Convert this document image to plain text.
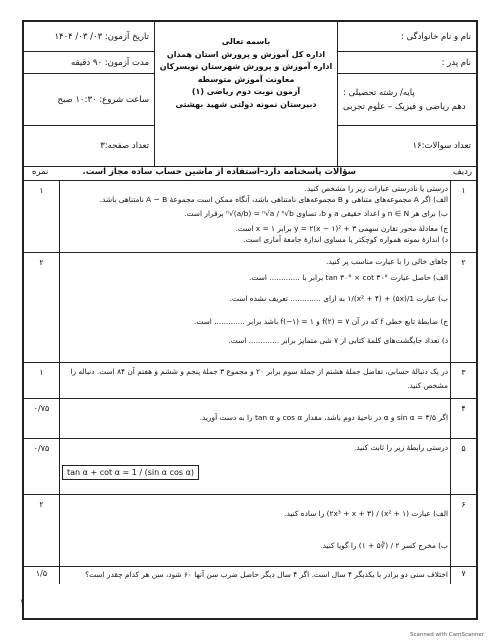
نام و نام خانوادگی :
نام پدر :
پایه/ رشته تحصیلی :
دهم ریاضی و فیزیک – علوم تجربی
تعداد سوالات:۱۶
باسمه تعالی
اداره کل آموزش و پرورش استان همدان
اداره آموزش و پرورش شهرستان تویسرکان
معاونت آموزش متوسطه
آزمون نوبت دوم ریاضی (۱)
دبیرستان نمونه دولتی شهید بهشتی
تاریخ آزمون: ۰۳/ ۰۳/ ۱۴۰۴
مدت آزمون: ۹۰ دقیقه
ساعت شروع: ۱۰:۳۰ صبح
تعداد صفحه:۳
ردیف
سؤالات پاسخنامه دارد–استفاده از ماشین حساب ساده مجاز است.
نمره
۱	۱

درستی یا نادرستی عبارات زیر را مشخص کنید.

الف) اگر A مجموعه‌های متناهی و B مجموعه‌های نامتناهی باشد، آنگاه ممکن است مجموعهٔ A − B نامتناهی باشد.

ب) برای هر n ∈ N و اعداد حقیقی a و b، تساوی ⁿ√(a/b) = ⁿ√a / ⁿ√b برقرار است.

ج) معادلهٔ محور تقارن سهمی y = ۲(x − ۱)² + ۳ برابر x = ۱ است.

د) اندازهٔ نمونه همواره کوچکتر یا مساوی اندازهٔ جامعهٔ آماری است.

۲	۲

جاهای خالی را با عبارت مناسب پر کنید.

الف) حاصل عبارت tan ۳۰° × cot ۳۰° برابر با ............. است.

ب) عبارت 1/(۵x) + ۱/(x² + ۴) به ازای ............. تعریف نشده است.

ج) ضابطهٔ تابع خطی f که در آن f(۲) = ۷ و f(−۱) = ۱ باشد برابر ............. است.

د) تعداد جایگشت‌های کلمهٔ کتابی از ۷ شی متمایز برابر ............. است.

۱	۳

در یک دنبالهٔ حسابی، تفاضل جملهٔ هشتم از جملهٔ سوم برابر ۲۰ و مجموع ۳ جملهٔ پنجم و ششم و هفتم آن ۸۴ است. دنباله را

مشخص کنید.

۰/۷۵	۴

اگر sin α = ۳/۵ و α در ناحیهٔ دوم باشد، مقدار cos α و tan α را به دست آورید.

۰/۷۵	۵

درستی رابطهٔ زیر را ثابت کنید.

tan α + cot α = 1 / (sin α cos α)
۲	۶

الف) عبارت (x² + ۱) / (۲x³ + x + ۳) را ساده کنید.

ب) مخرج کسر ۲ / (∛۵ + ۱) را گویا کنید.

۱/۵	۷

اختلاف سنی دو برادر با یکدیگر ۴ سال است. اگر ۴ سال دیگر حاصل ضرب سن آنها ۶۰ شود، سن هر کدام چقدر است؟

۱
Scanned with CamScanner
